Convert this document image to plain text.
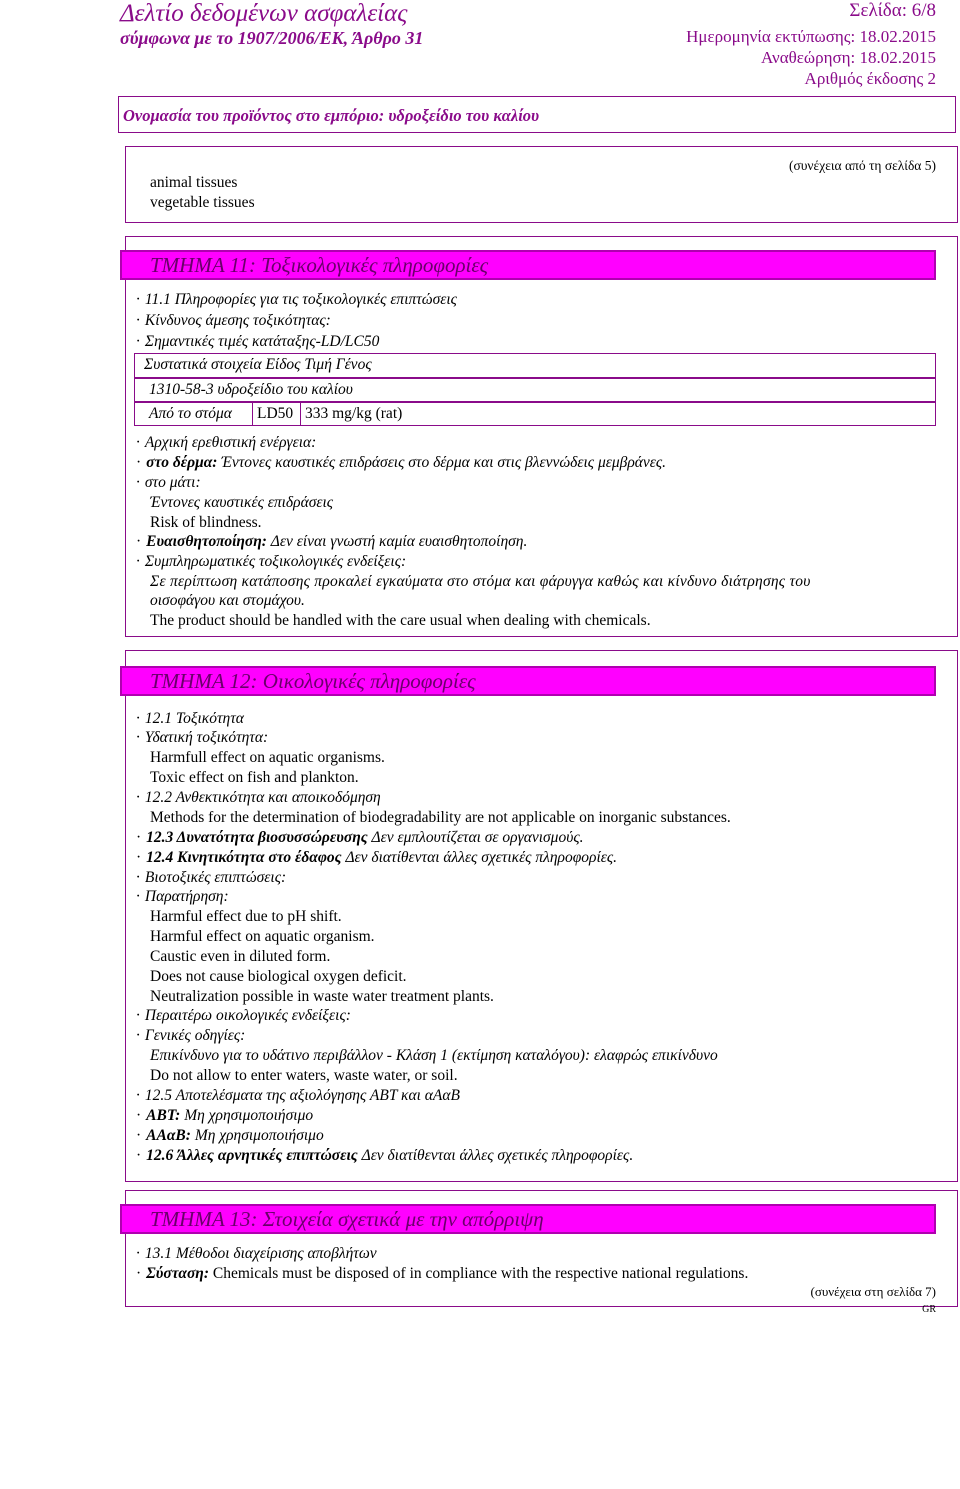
Δελτίο δεδομένων ασφαλείας
σύμφωνα με το 1907/2006/ΕΚ, Άρθρο 31
Σελίδα: 6/8
Ημερομηνία εκτύπωσης: 18.02.2015
Αναθεώρηση: 18.02.2015
Αριθμός έκδοσης 2
Ονομασία του προϊόντος στο εμπόριο: υδροξείδιο του καλίου
(συνέχεια από τη σελίδα 5)
animal tissues
vegetable tissues
ΤΜΗΜΑ 11: Τοξικολογικές πληροφορίες
· 11.1 Πληροφορίες για τις τοξικολογικές επιπτώσεις
· Κίνδυνος άμεσης τοξικότητας:
· Σημαντικές τιμές κατάταξης-LD/LC50
Συστατικά στοιχεία Είδος Τιμή Γένος
1310-58-3 υδροξείδιο του καλίου
Από το στόμα	LD50 333 mg/kg (rat)
· Αρχική ερεθιστική ενέργεια:
· στο δέρμα: Έντονες καυστικές επιδράσεις στο δέρμα και στις βλεννώδεις μεμβράνες.
· στο μάτι:
Έντονες καυστικές επιδράσεις
Risk of blindness.
· Ευαισθητοποίηση: Δεν είναι γνωστή καμία ευαισθητοποίηση.
· Συμπληρωματικές τοξικολογικές ενδείξεις:
Σε περίπτωση κατάποσης προκαλεί εγκαύματα στο στόμα και φάρυγγα καθώς και κίνδυνο διάτρησης του
οισοφάγου και στομάχου.
The product should be handled with the care usual when dealing with chemicals.
ΤΜΗΜΑ 12: Οικολογικές πληροφορίες
· 12.1 Τοξικότητα
· Υδατική τοξικότητα:
Harmfull effect on aquatic organisms.
Toxic effect on fish and plankton.
· 12.2 Ανθεκτικότητα και αποικοδόμηση
Methods for the determination of biodegradability are not applicable on inorganic substances.
· 12.3 Δυνατότητα βιοσυσσώρευσης Δεν εμπλουτίζεται σε οργανισμούς.
· 12.4 Κινητικότητα στο έδαφος Δεν διατίθενται άλλες σχετικές πληροφορίες.
· Βιοτοξικές επιπτώσεις:
· Παρατήρηση:
Harmful effect due to pH shift.
Harmful effect on aquatic organism.
Caustic even in diluted form.
Does not cause biological oxygen deficit.
Neutralization possible in waste water treatment plants.
· Περαιτέρω οικολογικές ενδείξεις:
· Γενικές οδηγίες:
Επικίνδυνο για το υδάτινο περιβάλλον - Κλάση 1 (εκτίμηση καταλόγου): ελαφρώς επικίνδυνο
Do not allow to enter waters, waste water, or soil.
· 12.5 Αποτελέσματα της αξιολόγησης ΑΒΤ και αΑαΒ
· ΑΒΤ: Μη χρησιμοποιήσιμο
· ΑΑαΒ: Μη χρησιμοποιήσιμο
· 12.6 Άλλες αρνητικές επιπτώσεις Δεν διατίθενται άλλες σχετικές πληροφορίες.
ΤΜΗΜΑ 13: Στοιχεία σχετικά με την απόρριψη
· 13.1 Μέθοδοι διαχείρισης αποβλήτων
· Σύσταση: Chemicals must be disposed of in compliance with the respective national regulations.
(συνέχεια στη σελίδα 7)
GR
